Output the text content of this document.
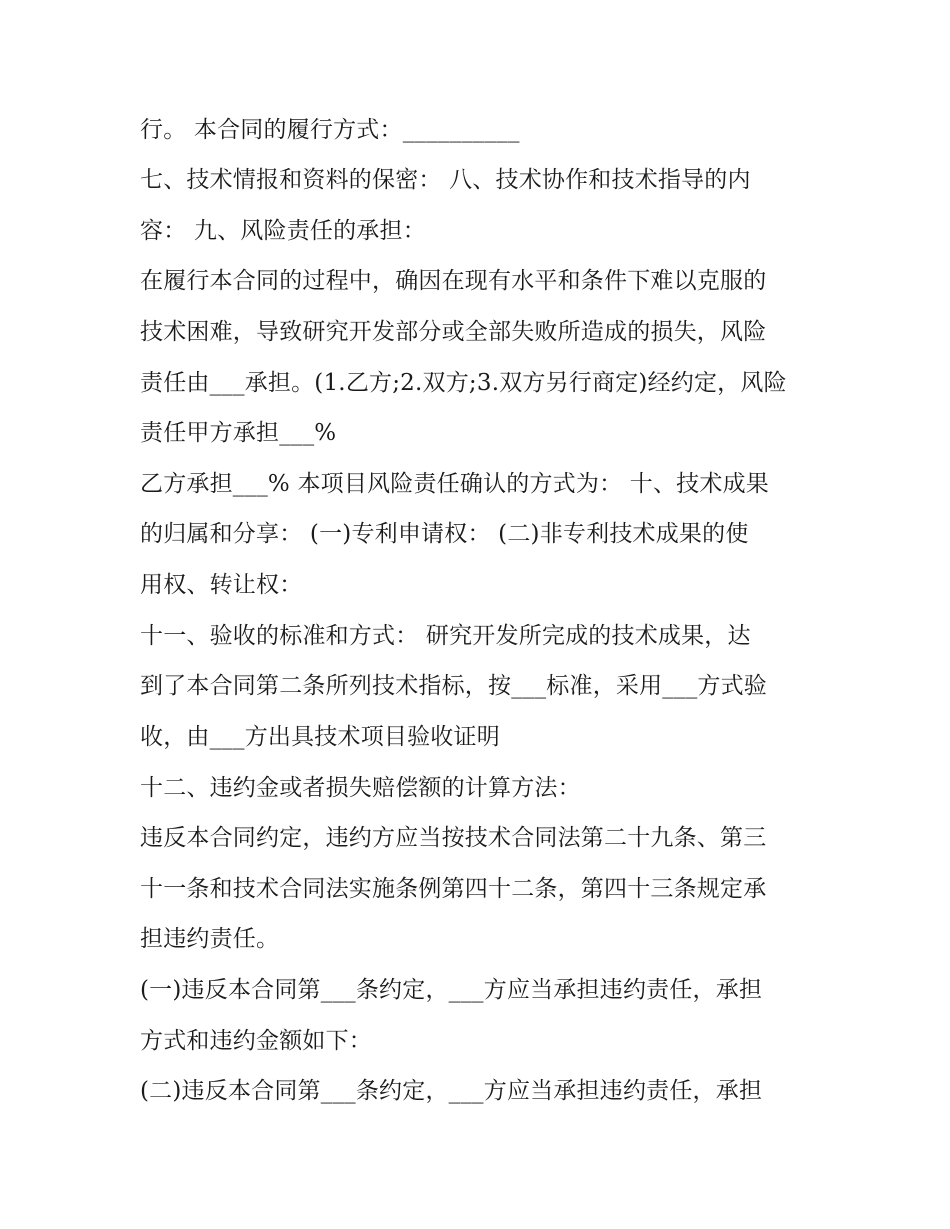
行。 本合同的履行方式：__________
七、技术情报和资料的保密： 八、技术协作和技术指导的内
容： 九、风险责任的承担：
在履行本合同的过程中，确因在现有水平和条件下难以克服的
技术困难，导致研究开发部分或全部失败所造成的损失，风险
责任由___承担。(1.乙方;2.双方;3.双方另行商定)经约定，风险
责任甲方承担___%
乙方承担___% 本项目风险责任确认的方式为： 十、技术成果
的归属和分享： (一)专利申请权： (二)非专利技术成果的使
用权、转让权：
十一、验收的标准和方式： 研究开发所完成的技术成果，达
到了本合同第二条所列技术指标，按___标准，采用___方式验
收，由___方出具技术项目验收证明
十二、违约金或者损失赔偿额的计算方法：
违反本合同约定，违约方应当按技术合同法第二十九条、第三
十一条和技术合同法实施条例第四十二条，第四十三条规定承
担违约责任。
(一)违反本合同第___条约定，___方应当承担违约责任，承担
方式和违约金额如下：
(二)违反本合同第___条约定，___方应当承担违约责任，承担
